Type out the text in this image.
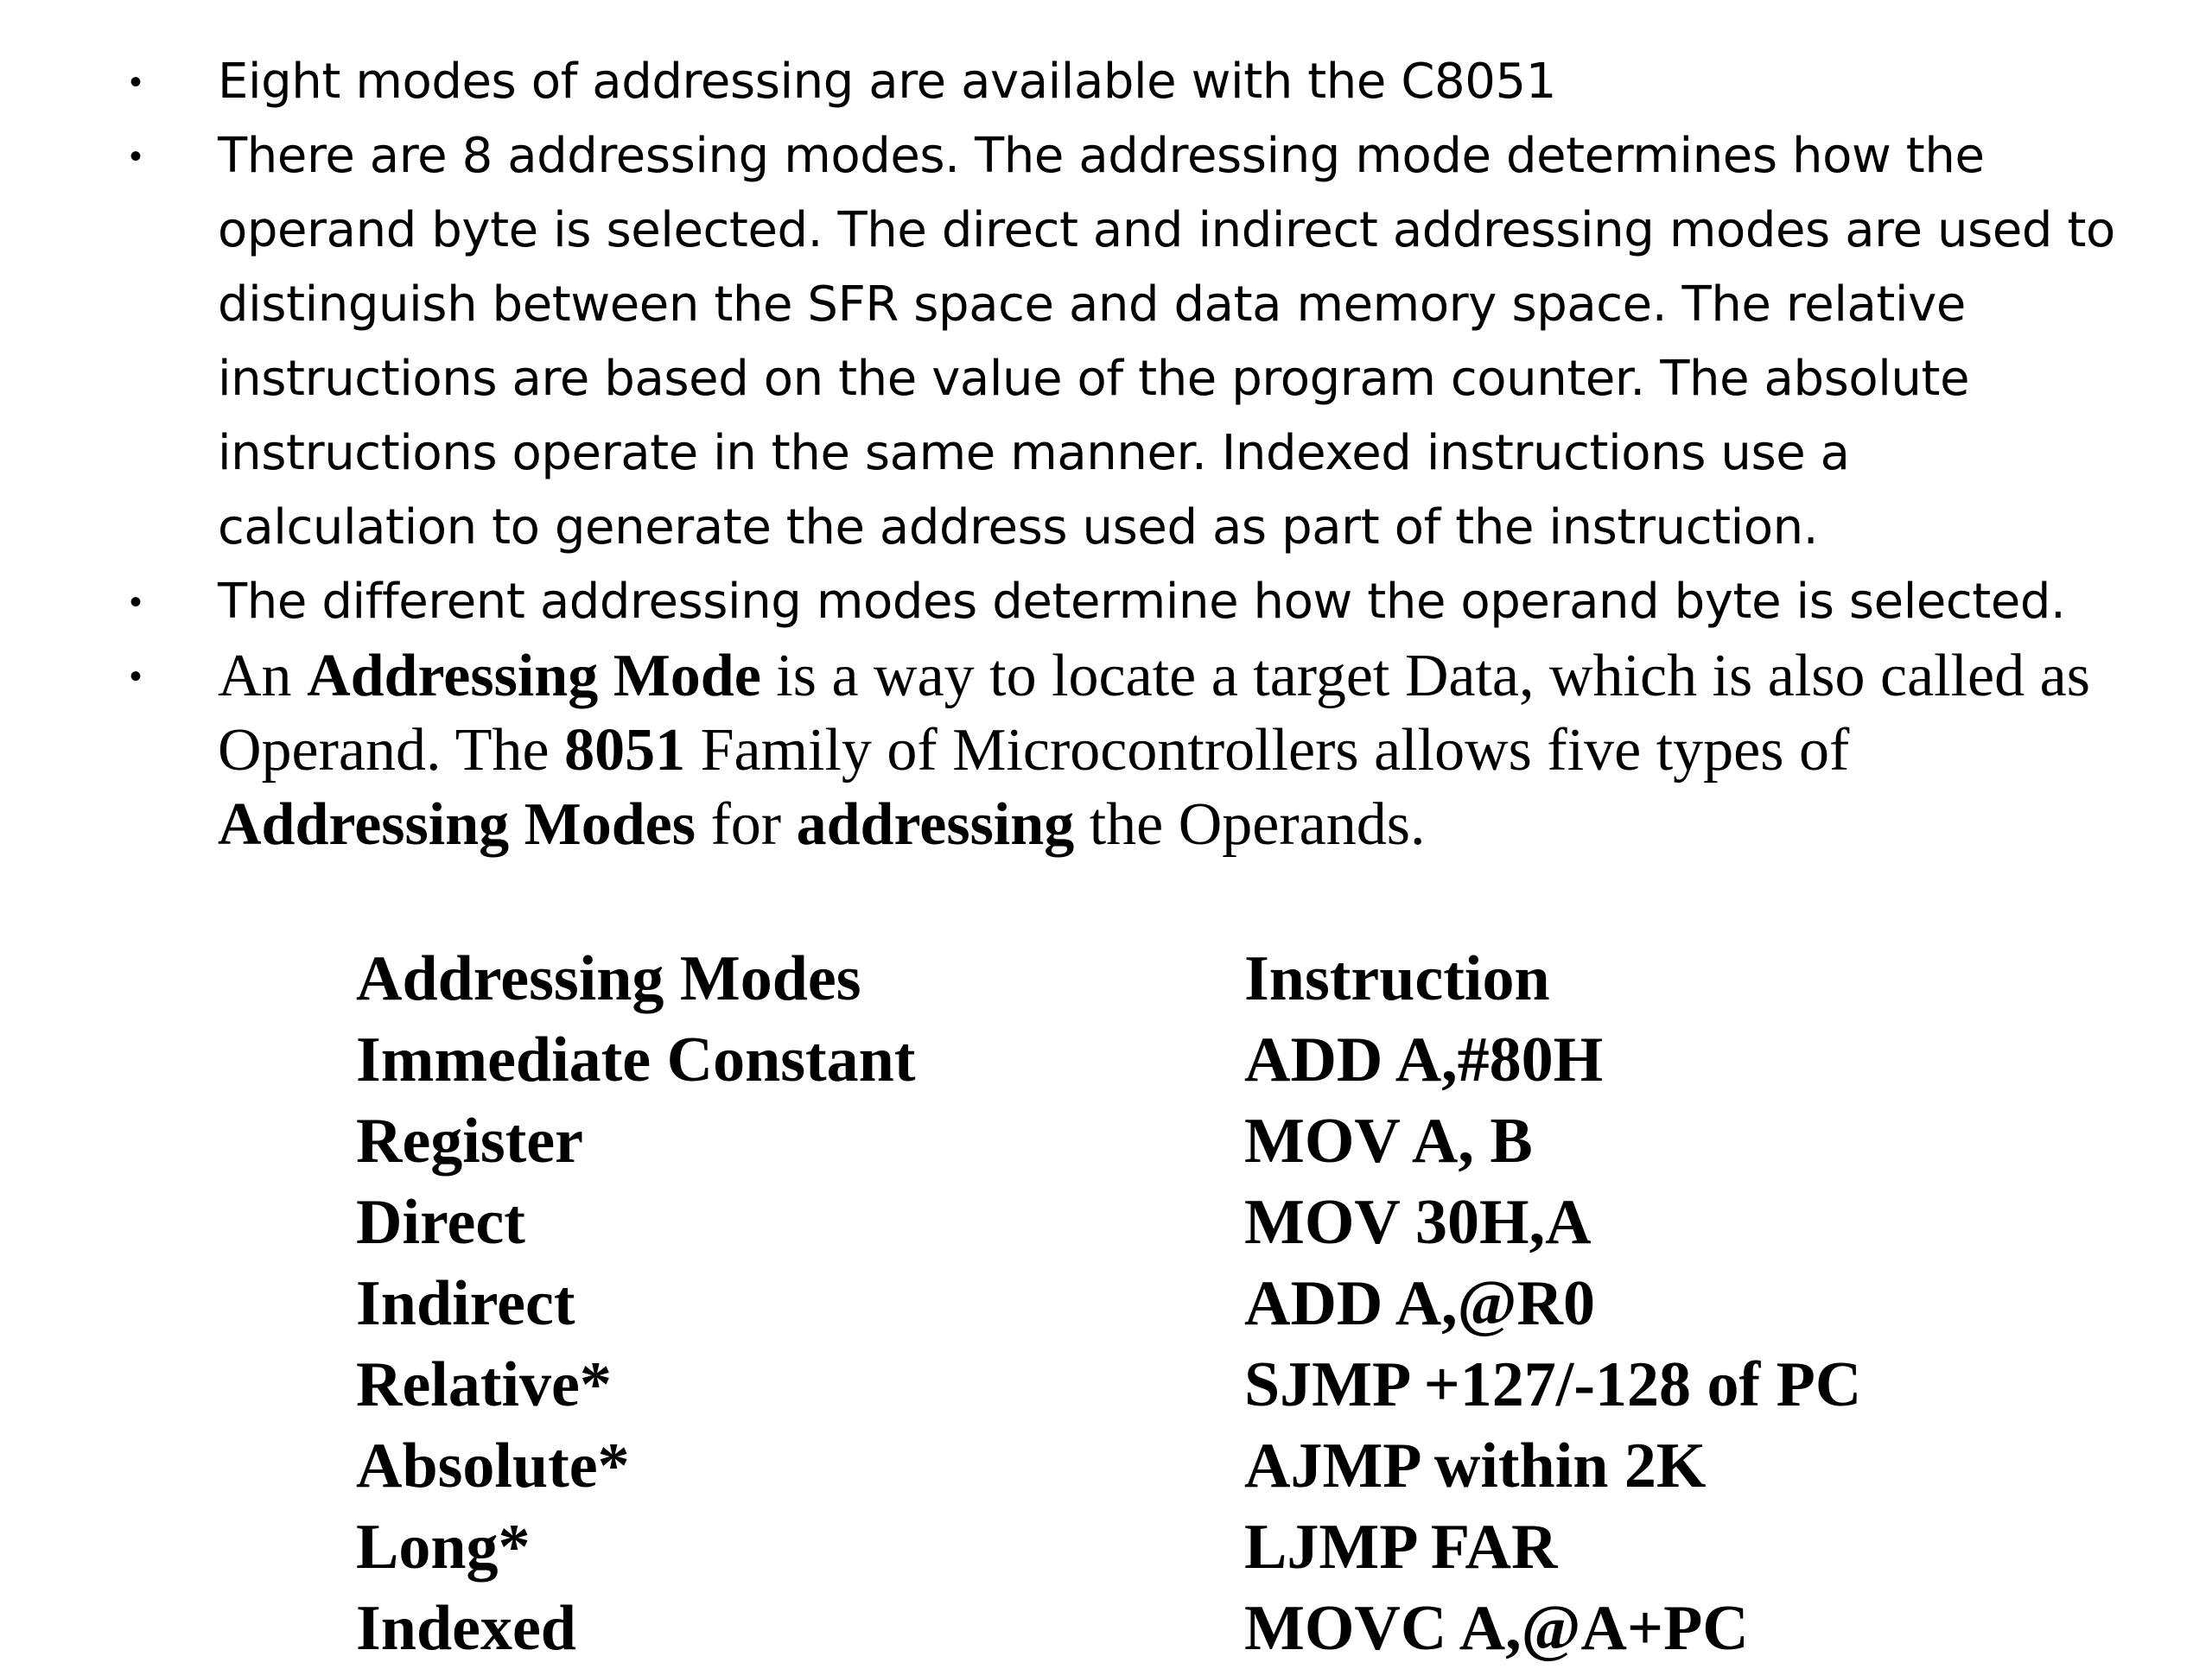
• Eight modes of addressing are available with the C8051
• There are 8 addressing modes. The addressing mode determines how the operand byte is selected. The direct and indirect addressing modes are used to distinguish between the SFR space and data memory space. The relative instructions are based on the value of the program counter. The absolute instructions operate in the same manner. Indexed instructions use a calculation to generate the address used as part of the instruction.
• The different addressing modes determine how the operand byte is selected.
• An Addressing Mode is a way to locate a target Data, which is also called as Operand. The 8051 Family of Microcontrollers allows five types of Addressing Modes for addressing the Operands.
Addressing Modes	Instruction
Immediate Constant	ADD A,#80H
Register	MOV A, B
Direct	MOV 30H,A
Indirect	ADD A,@R0
Relative*	SJMP +127/-128 of PC
Absolute*	AJMP within 2K
Long*	LJMP FAR
Indexed	MOVC A,@A+PC
